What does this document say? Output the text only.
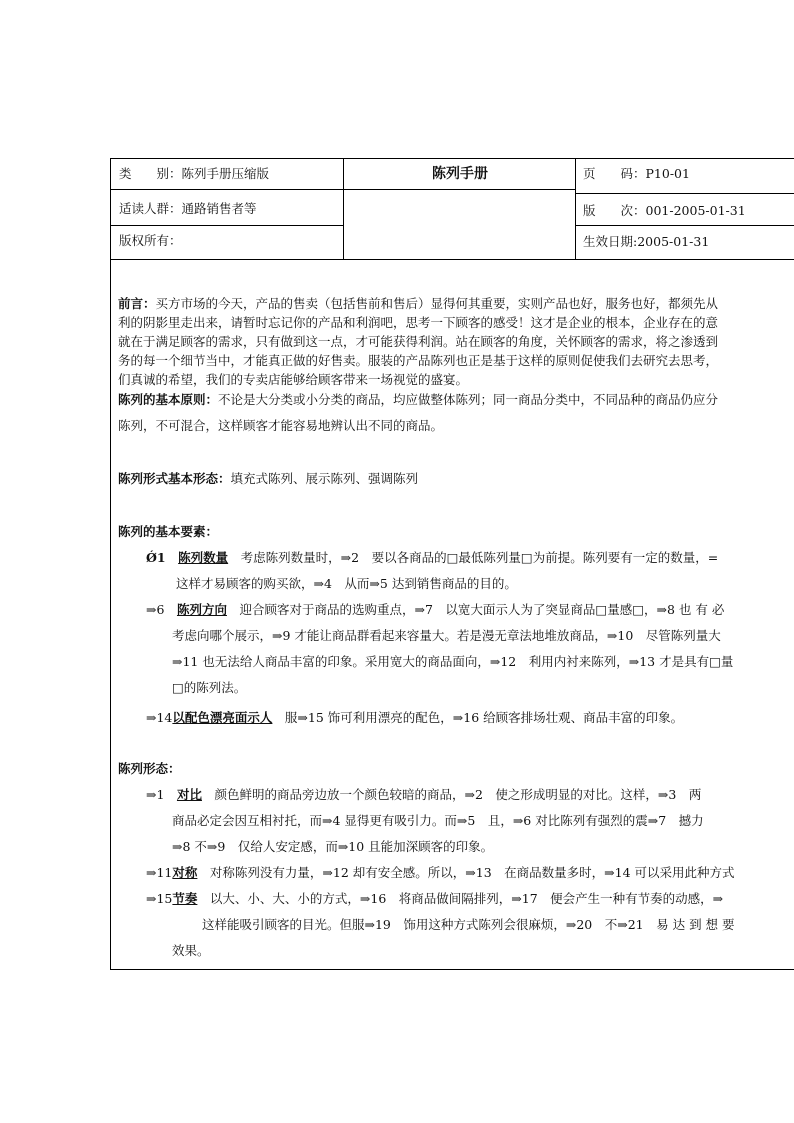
类　　别：陈列手册压缩版	陈列手册	页　　码：P10-01
适读人群：通路销售者等	版　　次：001-2005-01-31
版权所有：	生效日期:2005-01-31
前言：买方市场的今天，产品的售卖（包括售前和售后）显得何其重要，实则产品也好，服务也好，都须先从
利的阴影里走出来，请暂时忘记你的产品和利润吧，思考一下顾客的感受！这才是企业的根本，企业存在的意
就在于满足顾客的需求，只有做到这一点，才可能获得利润。站在顾客的角度，关怀顾客的需求，将之渗透到
务的每一个细节当中，才能真正做的好售卖。服装的产品陈列也正是基于这样的原则促使我们去研究去思考，
们真诚的希望，我们的专卖店能够给顾客带来一场视觉的盛宴。
陈列的基本原则：不论是大分类或小分类的商品，均应做整体陈列；同一商品分类中，不同品种的商品仍应分
陈列，不可混合，这样顾客才能容易地辨认出不同的商品。
陈列形式基本形态：填充式陈列、展示陈列、强调陈列
陈列的基本要素：
Ǿ1　 陈列数量　 考虑陈列数量时，⇒2　要以各商品的□最低陈列量□为前提。陈列要有一定的数量，=
这样才易顾客的购买欲，⇒4　从而⇒5 达到销售商品的目的。
⇒6　 陈列方向　 迎合顾客对于商品的选购重点，⇒7　以宽大面示人为了突显商品□量感□，⇒8 也 有 必
考虑向哪个展示，⇒9 才能让商品群看起来容量大。若是漫无章法地堆放商品，⇒10　尽管陈列量大
⇒11 也无法给人商品丰富的印象。采用宽大的商品面向，⇒12　利用内衬来陈列，⇒13 才是具有□量
□的陈列法。
⇒14以配色漂亮面示人　 服⇒15 饰可利用漂亮的配色，⇒16 给顾客排场壮观、商品丰富的印象。
陈列形态：
⇒1　 对比　 颜色鲜明的商品旁边放一个颜色较暗的商品，⇒2　使之形成明显的对比。这样，⇒3　两
商品必定会因互相衬托，而⇒4 显得更有吸引力。而⇒5　且，⇒6 对比陈列有强烈的震⇒7　撼力
⇒8 不⇒9　仅给人安定感，而⇒10 且能加深顾客的印象。
⇒11对称　 对称陈列没有力量，⇒12 却有安全感。所以，⇒13　在商品数量多时，⇒14 可以采用此种方式
⇒15节奏　 以大、小、大、小的方式，⇒16　将商品做间隔排列，⇒17　便会产生一种有节奏的动感，⇒
这样能吸引顾客的目光。但服⇒19　饰用这种方式陈列会很麻烦，⇒20　不⇒21　易 达 到 想 要
效果。
